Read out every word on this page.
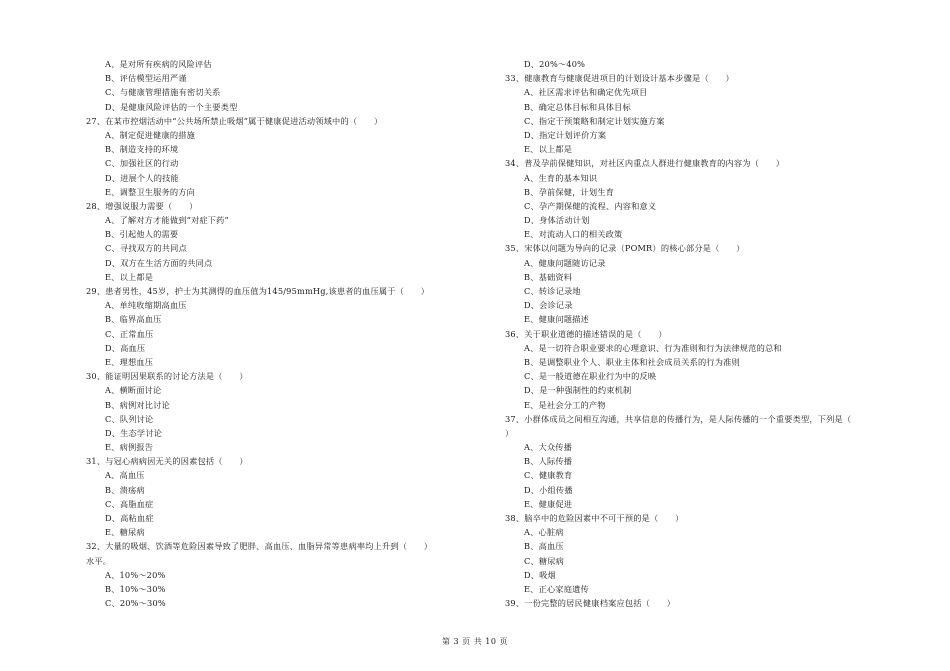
A、是对所有疾病的风险评估
B、评估模型运用严谨
C、与健康管理措施有密切关系
D、是健康风险评估的一个主要类型
27、在某市控烟活动中“公共场所禁止吸烟”属于健康促进活动领域中的（　　）
A、制定促进健康的措施
B、制造支持的环境
C、加强社区的行动
D、进展个人的技能
E、调整卫生服务的方向
28、增强说服力需要（　　）
A、了解对方才能做到“对症下药”
B、引起他人的需要
C、寻找双方的共同点
D、双方在生活方面的共同点
E、以上都是
29、患者男性，45岁，护士为其测得的血压值为145/95mmHg,该患者的血压属于（　　）
A、单纯收缩期高血压
B、临界高血压
C、正常血压
D、高血压
E、理想血压
30、能证明因果联系的讨论方法是（　　）
A、横断面讨论
B、病例对比讨论
C、队列讨论
D、生态学讨论
E、病例报告
31、与冠心病病因无关的因素包括（　　）
A、高血压
B、溃疡病
C、高脂血症
D、高粘血症
E、糖尿病
32、大量的吸烟、饮酒等危险因素导致了肥胖、高血压、血脂异常等患病率均上升到（　　）
水平。
A、10%～20%
B、10%～30%
C、20%～30%
D、20%～40%
33、健康教育与健康促进项目的计划设计基本步骤是（　　）
A、社区需求评估和确定优先项目
B、确定总体目标和具体目标
C、指定干预策略和制定计划实施方案
D、指定计划评价方案
E、以上都是
34、普及孕前保健知识，对社区内重点人群进行健康教育的内容为（　　）
A、生育的基本知识
B、孕前保健，计划生育
C、孕产期保健的流程、内容和意义
D、身体活动计划
E、对流动人口的相关政策
35、宋体以问题为导向的记录（POMR）的核心部分是（　　）
A、健康问题随访记录
B、基础资料
C、转诊记录地
D、会诊记录
E、健康问题描述
36、关于职业道德的描述错误的是（　　）
A、是一切符合职业要求的心理意识、行为准则和行为法律规范的总和
B、是调整职业个人、职业主体和社会成员关系的行为准则
C、是一般道德在职业行为中的反映
D、是一种强制性的约束机制
E、是社会分工的产物
37、小群体成员之间相互沟通，共享信息的传播行为，是人际传播的一个重要类型，下列是（
）
A、大众传播
B、人际传播
C、健康教育
D、小组传播
E、健康促进
38、脑卒中的危险因素中不可干预的是（　　）
A、心脏病
B、高血压
C、糖尿病
D、吸烟
E、正心家庭遗传
39、一份完整的居民健康档案应包括（　　）
第 3 页 共 10 页
